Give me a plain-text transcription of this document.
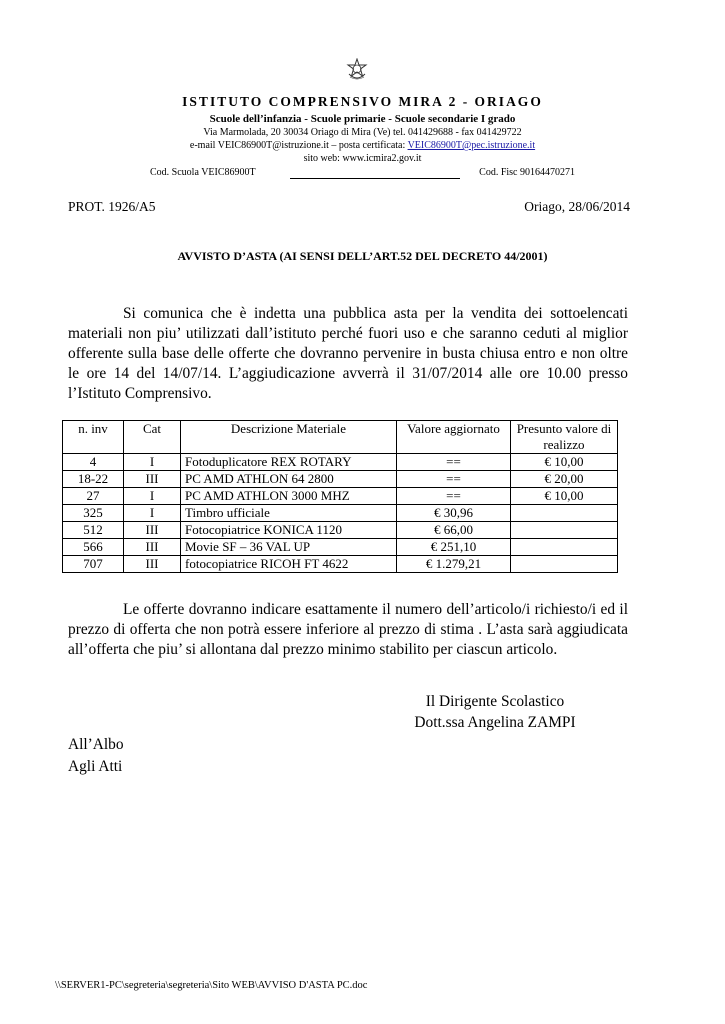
ISTITUTO COMPRENSIVO MIRA 2 - ORIAGO
Scuole dell’infanzia - Scuole primarie - Scuole secondarie I grado
Via Marmolada, 20 30034 Oriago di Mira (Ve) tel. 041429688 - fax 041429722
e-mail VEIC86900T@istruzione.it – posta certificata: VEIC86900T@pec.istruzione.it
sito web: www.icmira2.gov.it
Cod. Scuola VEIC86900T	Cod. Fisc 90164470271
PROT. 1926/A5	Oriago, 28/06/2014
AVVISTO D’ASTA (AI SENSI DELL’ART.52 DEL DECRETO 44/2001)
Si comunica che è indetta una pubblica asta per la vendita dei sottoelencati materiali non piu’ utilizzati dall’istituto perché fuori uso e che saranno ceduti al miglior offerente sulla base delle offerte che dovranno pervenire in busta chiusa entro e non oltre le ore 14 del 14/07/14. L’aggiudicazione avverrà il 31/07/2014 alle ore 10.00 presso l’Istituto Comprensivo.
n. inv	Cat	Descrizione Materiale	Valore aggiornato	Presunto valore di realizzo
4	I	Fotoduplicatore REX ROTARY	==	€ 10,00
18-22	III	PC AMD ATHLON 64 2800	==	€ 20,00
27	I	PC AMD ATHLON 3000 MHZ	==	€ 10,00
325	I	Timbro ufficiale	€ 30,96	
512	III	Fotocopiatrice KONICA 1120	€ 66,00	
566	III	Movie SF – 36 VAL UP	€ 251,10	
707	III	fotocopiatrice RICOH FT 4622	€ 1.279,21	
Le offerte dovranno indicare esattamente il numero dell’articolo/i richiesto/i ed il prezzo di offerta che non potrà essere inferiore al prezzo di stima . L’asta sarà aggiudicata all’offerta che piu’ si allontana dal prezzo minimo stabilito per ciascun articolo.
Il Dirigente Scolastico
Dott.ssa Angelina ZAMPI
All’Albo
Agli Atti
\\SERVER1-PC\segreteria\segreteria\Sito WEB\AVVISO D'ASTA PC.doc
